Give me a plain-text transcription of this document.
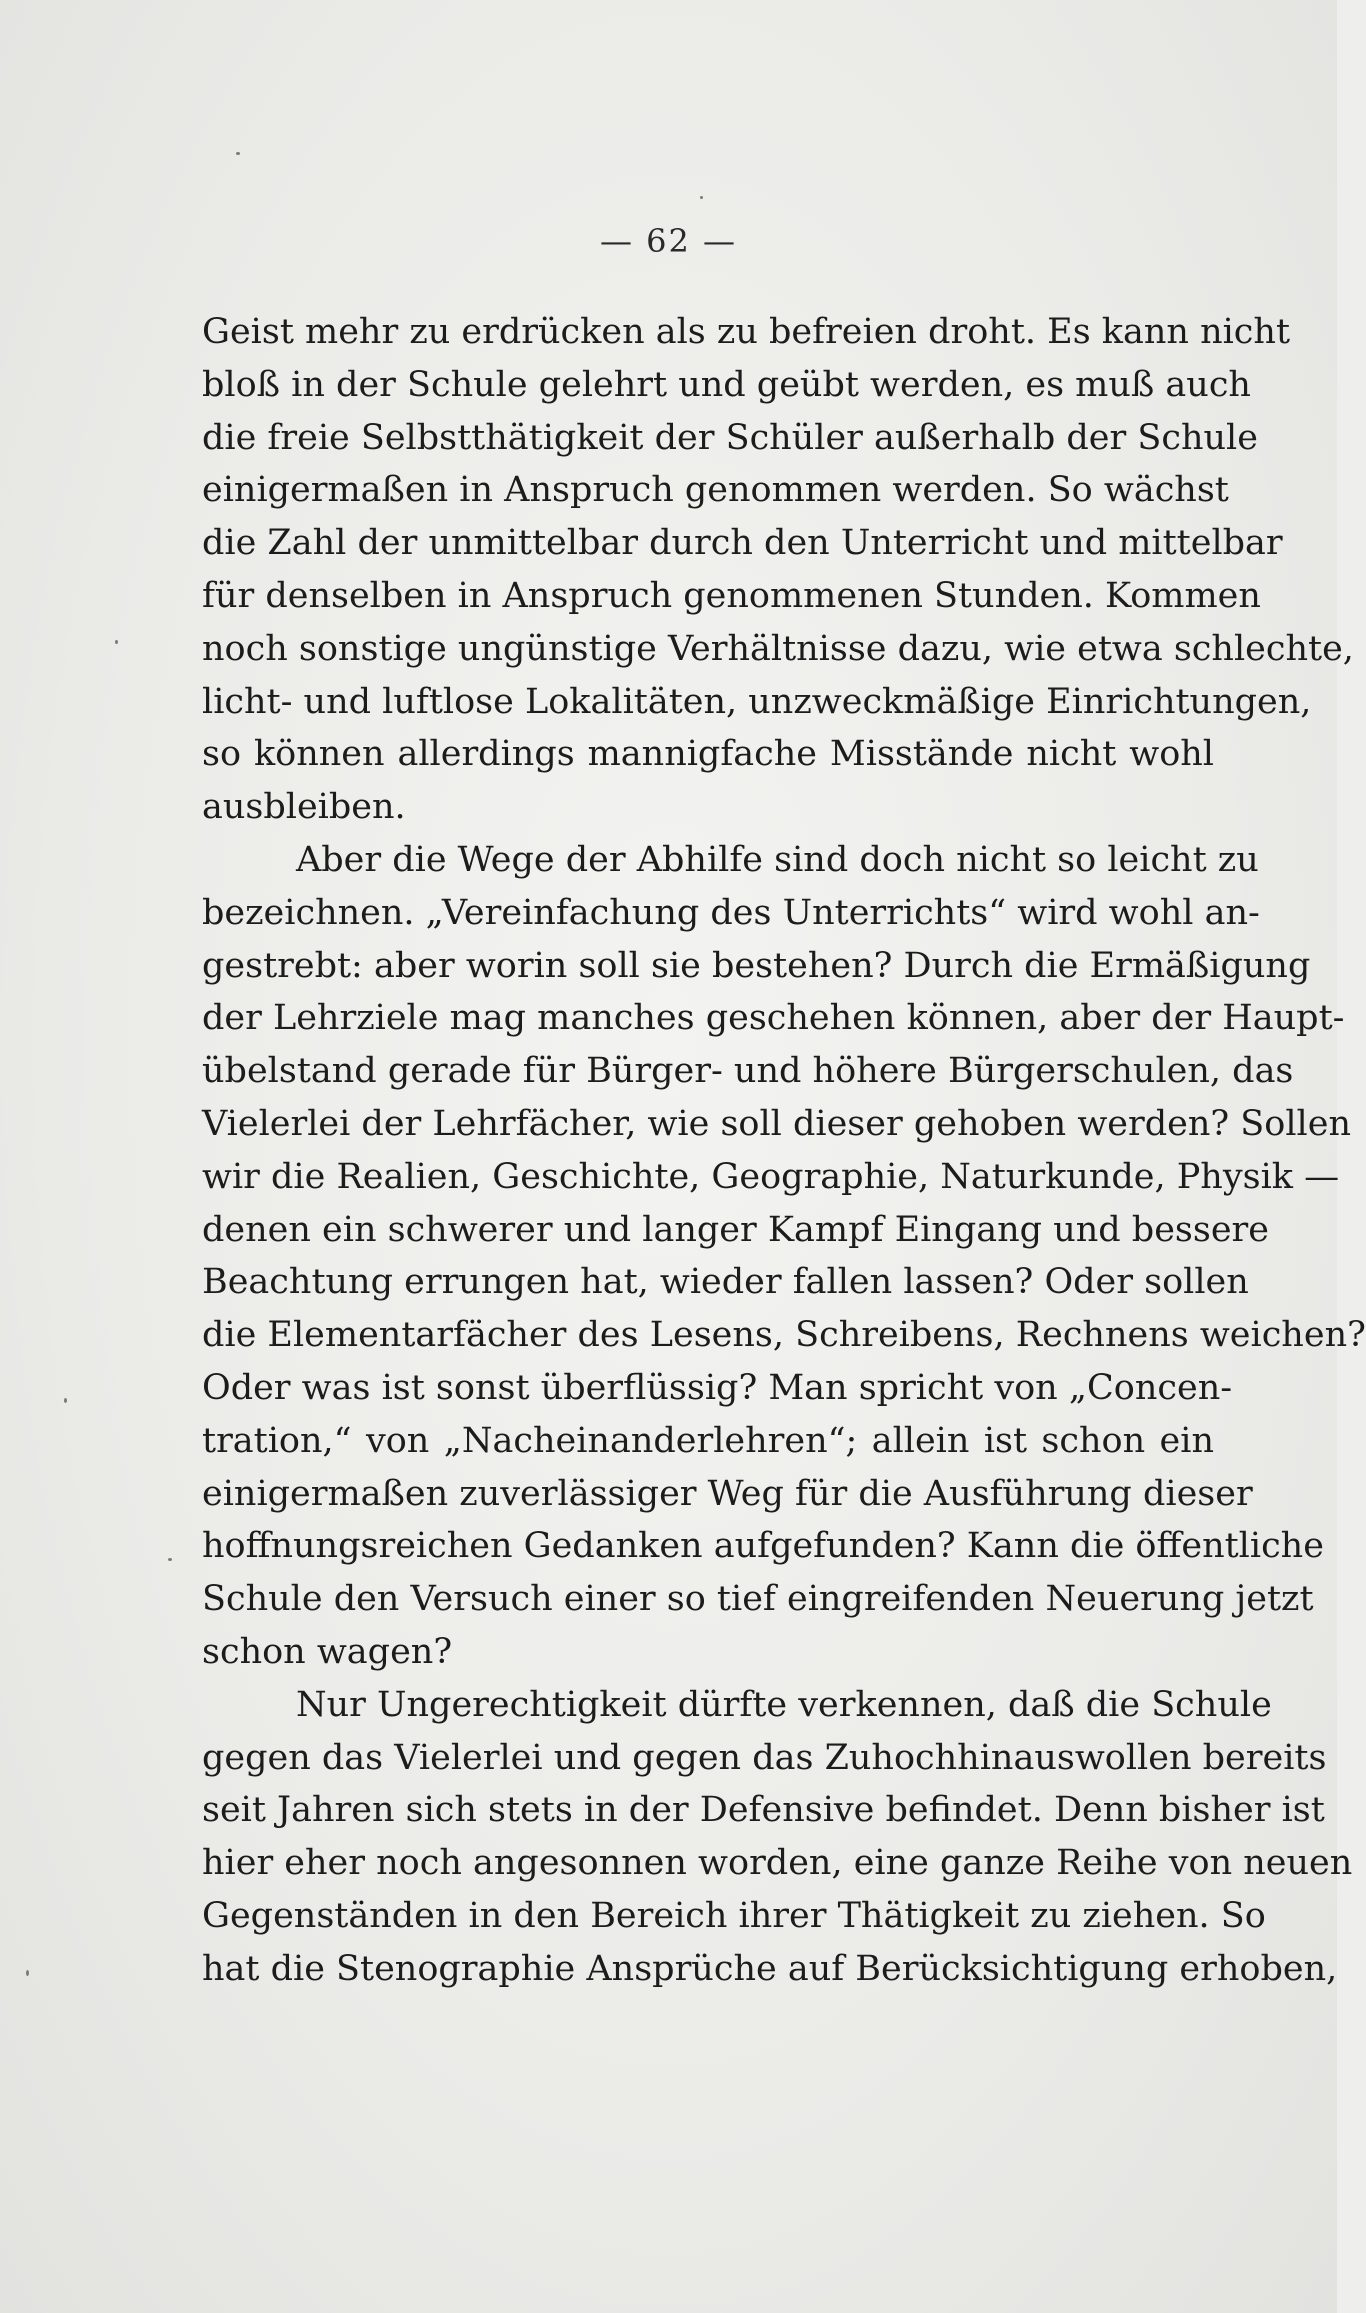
— 62 —
Geist mehr zu erdrücken als zu befreien droht. Es kann nicht
bloß in der Schule gelehrt und geübt werden, es muß auch
die freie Selbstthätigkeit der Schüler außerhalb der Schule
einigermaßen in Anspruch genommen werden. So wächst
die Zahl der unmittelbar durch den Unterricht und mittelbar
für denselben in Anspruch genommenen Stunden. Kommen
noch sonstige ungünstige Verhältnisse dazu, wie etwa schlechte,
licht- und luftlose Lokalitäten, unzweckmäßige Einrichtungen,
so können allerdings mannigfache Misstände nicht wohl
ausbleiben.
Aber die Wege der Abhilfe sind doch nicht so leicht zu
bezeichnen. „Vereinfachung des Unterrichts“ wird wohl an-
gestrebt: aber worin soll sie bestehen? Durch die Ermäßigung
der Lehrziele mag manches geschehen können, aber der Haupt-
übelstand gerade für Bürger- und höhere Bürgerschulen, das
Vielerlei der Lehrfächer, wie soll dieser gehoben werden? Sollen
wir die Realien, Geschichte, Geographie, Naturkunde, Physik —
denen ein schwerer und langer Kampf Eingang und bessere
Beachtung errungen hat, wieder fallen lassen? Oder sollen
die Elementarfächer des Lesens, Schreibens, Rechnens weichen?
Oder was ist sonst überflüssig? Man spricht von „Concen-
tration,“ von „Nacheinanderlehren“; allein ist schon ein
einigermaßen zuverlässiger Weg für die Ausführung dieser
hoffnungsreichen Gedanken aufgefunden? Kann die öffentliche
Schule den Versuch einer so tief eingreifenden Neuerung jetzt
schon wagen?
Nur Ungerechtigkeit dürfte verkennen, daß die Schule
gegen das Vielerlei und gegen das Zuhochhinauswollen bereits
seit Jahren sich stets in der Defensive befindet. Denn bisher ist
hier eher noch angesonnen worden, eine ganze Reihe von neuen
Gegenständen in den Bereich ihrer Thätigkeit zu ziehen. So
hat die Stenographie Ansprüche auf Berücksichtigung erhoben,
